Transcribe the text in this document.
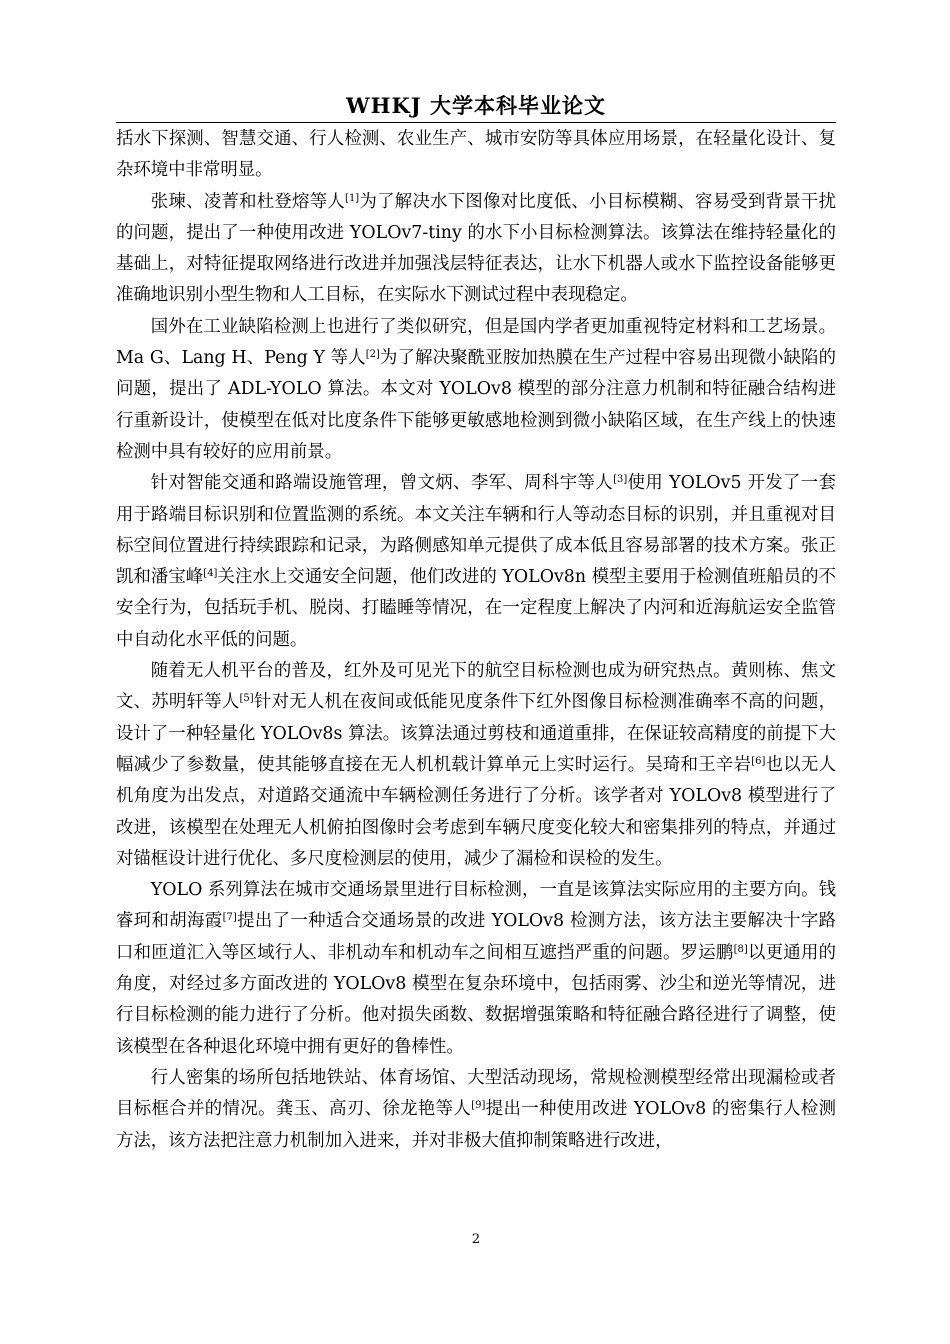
WHKJ 大学本科毕业论文

括水下探测、智慧交通、行人检测、农业生产、城市安防等具体应用场景，在轻量化设计、复杂环境中非常明显。

张瑓、凌菁和杜登熔等人[1]为了解决水下图像对比度低、小目标模糊、容易受到背景干扰的问题，提出了一种使用改进 YOLOv7-tiny 的水下小目标检测算法。该算法在维持轻量化的基础上，对特征提取网络进行改进并加强浅层特征表达，让水下机器人或水下监控设备能够更准确地识别小型生物和人工目标，在实际水下测试过程中表现稳定。

国外在工业缺陷检测上也进行了类似研究，但是国内学者更加重视特定材料和工艺场景。Ma G、Lang H、Peng Y 等人[2]为了解决聚酰亚胺加热膜在生产过程中容易出现微小缺陷的问题，提出了 ADL-YOLO 算法。本文对 YOLOv8 模型的部分注意力机制和特征融合结构进行重新设计，使模型在低对比度条件下能够更敏感地检测到微小缺陷区域，在生产线上的快速检测中具有较好的应用前景。

针对智能交通和路端设施管理，曾文炳、李军、周科宇等人[3]使用 YOLOv5 开发了一套用于路端目标识别和位置监测的系统。本文关注车辆和行人等动态目标的识别，并且重视对目标空间位置进行持续跟踪和记录，为路侧感知单元提供了成本低且容易部署的技术方案。张正凯和潘宝峰[4]关注水上交通安全问题，他们改进的 YOLOv8n 模型主要用于检测值班船员的不安全行为，包括玩手机、脱岗、打瞌睡等情况，在一定程度上解决了内河和近海航运安全监管中自动化水平低的问题。

随着无人机平台的普及，红外及可见光下的航空目标检测也成为研究热点。黄则栋、焦文文、苏明轩等人[5]针对无人机在夜间或低能见度条件下红外图像目标检测准确率不高的问题，设计了一种轻量化 YOLOv8s 算法。该算法通过剪枝和通道重排，在保证较高精度的前提下大幅减少了参数量，使其能够直接在无人机机载计算单元上实时运行。吴琦和王辛岩[6]也以无人机角度为出发点，对道路交通流中车辆检测任务进行了分析。该学者对 YOLOv8 模型进行了改进，该模型在处理无人机俯拍图像时会考虑到车辆尺度变化较大和密集排列的特点，并通过对锚框设计进行优化、多尺度检测层的使用，减少了漏检和误检的发生。

YOLO 系列算法在城市交通场景里进行目标检测，一直是该算法实际应用的主要方向。钱睿珂和胡海霞[7]提出了一种适合交通场景的改进 YOLOv8 检测方法，该方法主要解决十字路口和匝道汇入等区域行人、非机动车和机动车之间相互遮挡严重的问题。罗运鹏[8]以更通用的角度，对经过多方面改进的 YOLOv8 模型在复杂环境中，包括雨雾、沙尘和逆光等情况，进行目标检测的能力进行了分析。他对损失函数、数据增强策略和特征融合路径进行了调整，使该模型在各种退化环境中拥有更好的鲁棒性。

行人密集的场所包括地铁站、体育场馆、大型活动现场，常规检测模型经常出现漏检或者目标框合并的情况。龚玉、高刃、徐龙艳等人[9]提出一种使用改进 YOLOv8 的密集行人检测方法，该方法把注意力机制加入进来，并对非极大值抑制策略进行改进，

2
